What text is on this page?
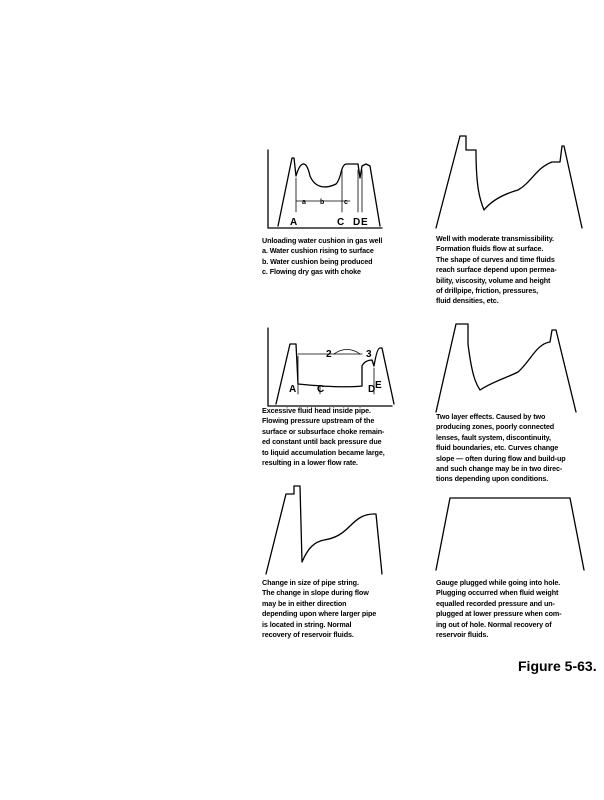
A	C D E
a b	c
Unloading water cushion in gas well
a. Water cushion rising to surface
b. Water cushion being produced
c. Flowing dry gas with choke
Well with moderate transmissibility.
Formation fluids flow at surface.
The shape of curves and time fluids
reach surface depend upon permea-
bility, viscosity, volume and height
of drillpipe, friction, pressures,
fluid densities, etc.
2	3
A C	D E
Excessive fluid head inside pipe.
Flowing pressure upstream of the
surface or subsurface choke remain-
ed constant until back pressure due
to liquid accumulation became large,
resulting in a lower flow rate.
Two layer effects. Caused by two
producing zones, poorly connected
lenses, fault system, discontinuity,
fluid boundaries, etc. Curves change
slope — often during flow and build-up
and such change may be in two direc-
tions depending upon conditions.
Change in size of pipe string.
The change in slope during flow
may be in either direction
depending upon where larger pipe
is located in string. Normal
recovery of reservoir fluids.
Gauge plugged while going into hole.
Plugging occurred when fluid weight
equalled recorded pressure and un-
plugged at lower pressure when com-
ing out of hole. Normal recovery of
reservoir fluids.
Figure 5-63.
